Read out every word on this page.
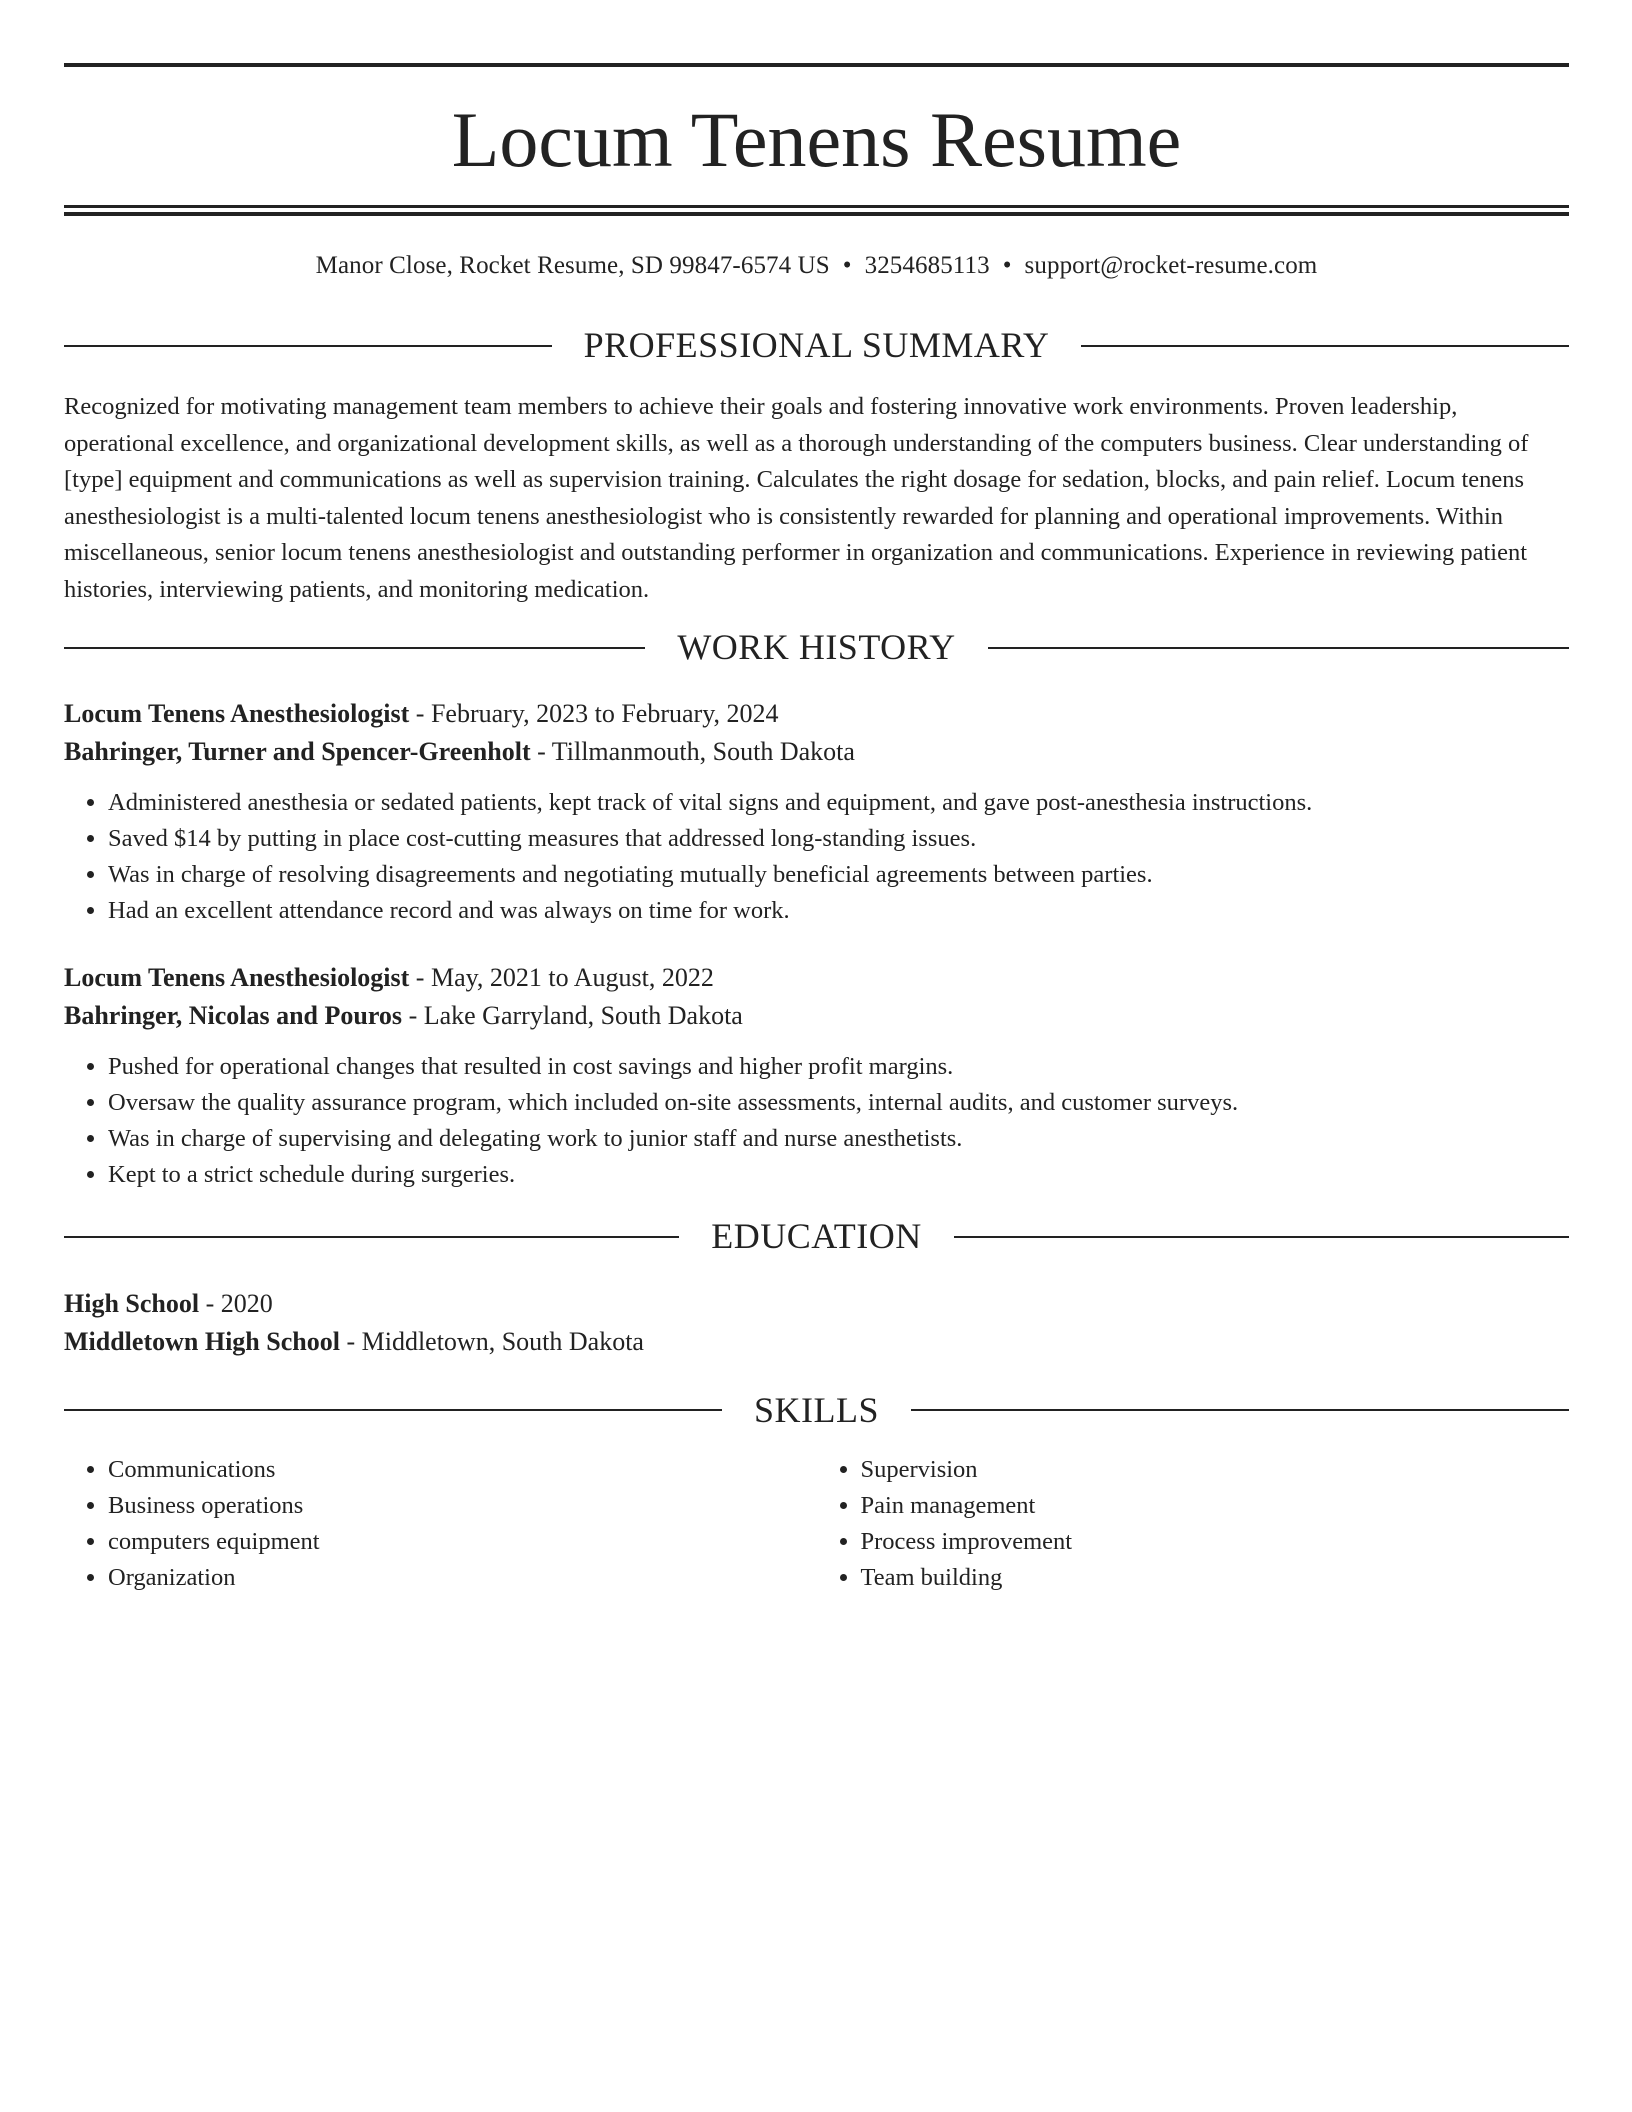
Locum Tenens Resume
Manor Close, Rocket Resume, SD 99847-6574 US • 3254685113 • support@rocket-resume.com
PROFESSIONAL SUMMARY

Recognized for motivating management team members to achieve their goals and fostering innovative work environments. Proven leadership, operational excellence, and organizational development skills, as well as a thorough understanding of the computers business. Clear understanding of [type] equipment and communications as well as supervision training. Calculates the right dosage for sedation, blocks, and pain relief. Locum tenens anesthesiologist is a multi-talented locum tenens anesthesiologist who is consistently rewarded for planning and operational improvements. Within miscellaneous, senior locum tenens anesthesiologist and outstanding performer in organization and communications. Experience in reviewing patient histories, interviewing patients, and monitoring medication.

WORK HISTORY
Locum Tenens Anesthesiologist - February, 2023 to February, 2024
Bahringer, Turner and Spencer-Greenholt - Tillmanmouth, South Dakota
• Administered anesthesia or sedated patients, kept track of vital signs and equipment, and gave post-anesthesia instructions.
• Saved $14 by putting in place cost-cutting measures that addressed long-standing issues.
• Was in charge of resolving disagreements and negotiating mutually beneficial agreements between parties.
• Had an excellent attendance record and was always on time for work.
Locum Tenens Anesthesiologist - May, 2021 to August, 2022
Bahringer, Nicolas and Pouros - Lake Garryland, South Dakota
• Pushed for operational changes that resulted in cost savings and higher profit margins.
• Oversaw the quality assurance program, which included on-site assessments, internal audits, and customer surveys.
• Was in charge of supervising and delegating work to junior staff and nurse anesthetists.
• Kept to a strict schedule during surgeries.
EDUCATION
High School - 2020
Middletown High School - Middletown, South Dakota
SKILLS
• Communications
• Business operations
• computers equipment
• Organization
• Supervision
• Pain management
• Process improvement
• Team building
